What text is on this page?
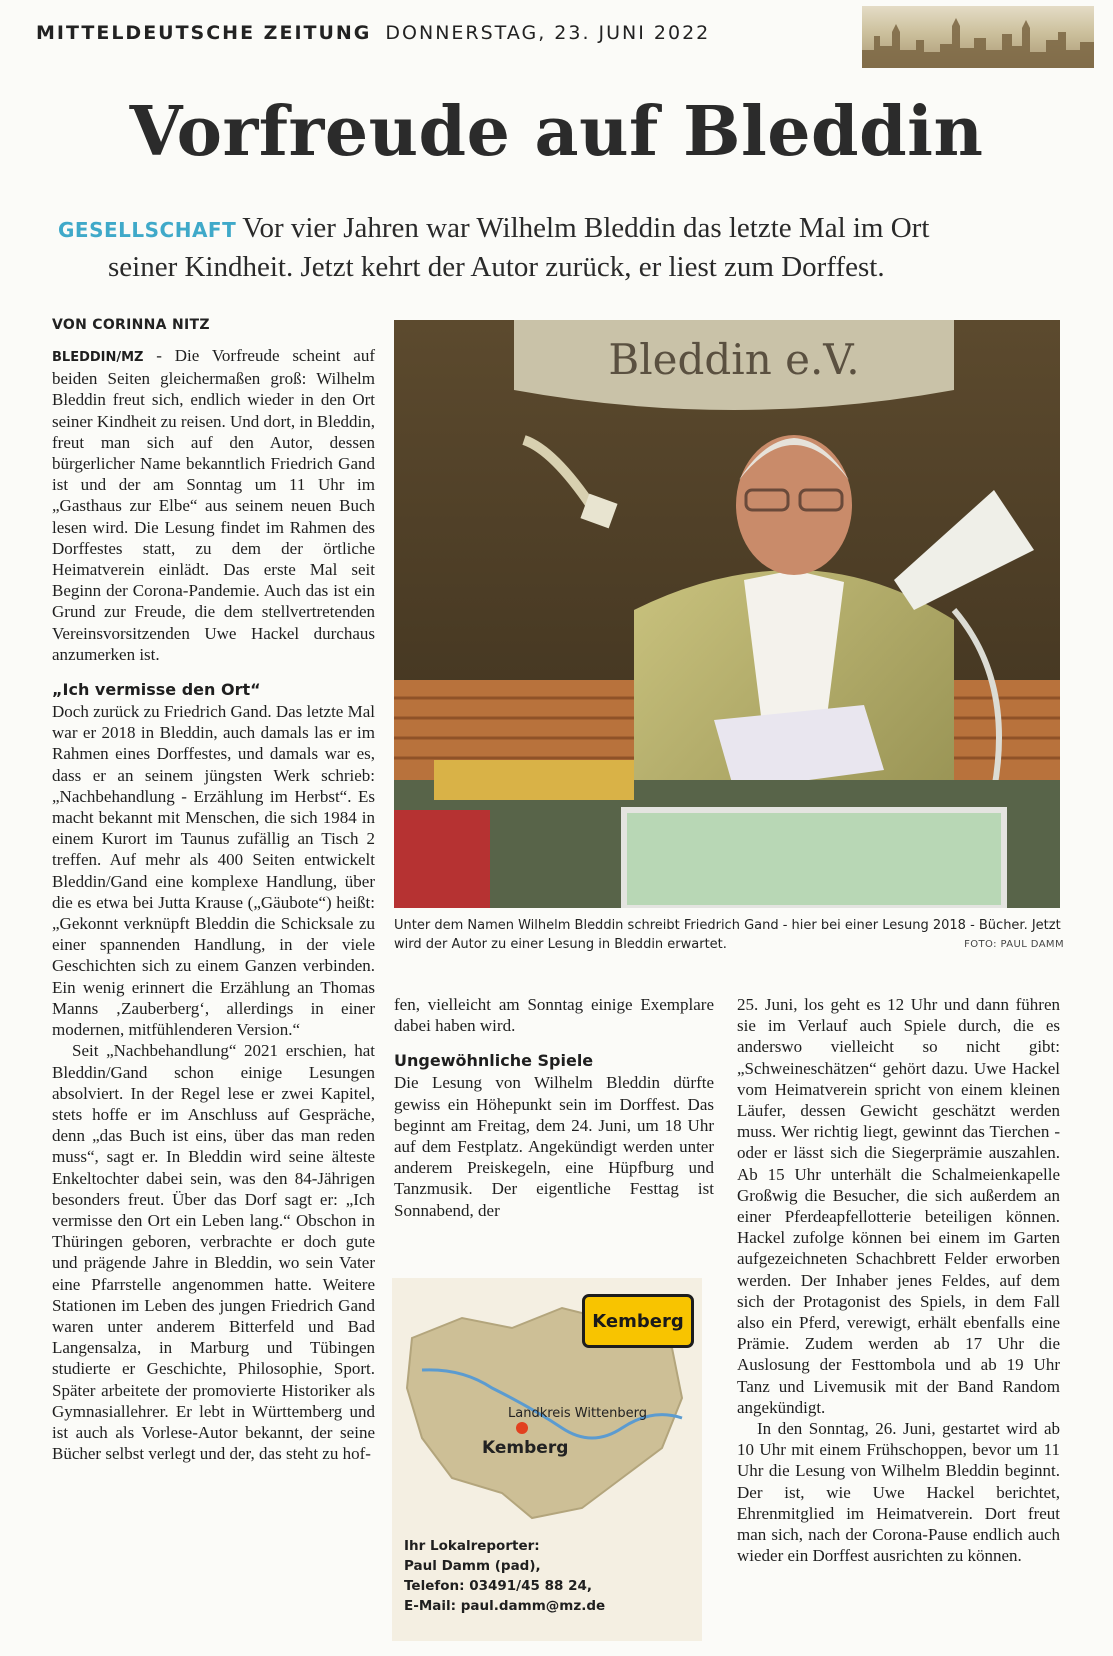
MITTELDEUTSCHE ZEITUNG DONNERSTAG, 23. JUNI 2022
Vorfreude auf Bleddin
GESELLSCHAFT Vor vier Jahren war Wilhelm Bleddin das letzte Mal im Ort
seiner Kindheit. Jetzt kehrt der Autor zurück, er liest zum Dorffest.
VON CORINNA NITZ

BLEDDIN/MZ - Die Vorfreude scheint auf beiden Seiten gleichermaßen groß: Wilhelm Bleddin freut sich, endlich wieder in den Ort seiner Kindheit zu reisen. Und dort, in Bleddin, freut man sich auf den Autor, dessen bürgerlicher Name bekanntlich Friedrich Gand ist und der am Sonntag um 11 Uhr im „Gasthaus zur Elbe“ aus seinem neuen Buch lesen wird. Die Lesung findet im Rahmen des Dorffestes statt, zu dem der örtliche Heimatverein einlädt. Das erste Mal seit Beginn der Corona-Pandemie. Auch das ist ein Grund zur Freude, die dem stellvertretenden Vereinsvorsitzenden Uwe Hackel durchaus anzumerken ist.

„Ich vermisse den Ort“

Doch zurück zu Friedrich Gand. Das letzte Mal war er 2018 in Bleddin, auch damals las er im Rahmen eines Dorffestes, und damals war es, dass er an seinem jüngsten Werk schrieb: „Nachbehandlung - Erzählung im Herbst“. Es macht bekannt mit Menschen, die sich 1984 in einem Kurort im Taunus zufällig an Tisch 2 treffen. Auf mehr als 400 Seiten entwickelt Bleddin/Gand eine komplexe Handlung, über die es etwa bei Jutta Krause („Gäubote“) heißt: „Gekonnt verknüpft Bleddin die Schicksale zu einer spannenden Handlung, in der viele Geschichten sich zu einem Ganzen verbinden. Ein wenig erinnert die Erzählung an Thomas Manns ‚Zauberberg‘, allerdings in einer modernen, mitfühlenderen Version.“

Seit „Nachbehandlung“ 2021 erschien, hat Bleddin/Gand schon einige Lesungen absolviert. In der Regel lese er zwei Kapitel, stets hoffe er im Anschluss auf Gespräche, denn „das Buch ist eins, über das man reden muss“, sagt er. In Bleddin wird seine älteste Enkeltochter dabei sein, was den 84-Jährigen besonders freut. Über das Dorf sagt er: „Ich vermisse den Ort ein Leben lang.“ Obschon in Thüringen geboren, verbrachte er doch gute und prägende Jahre in Bleddin, wo sein Vater eine Pfarrstelle angenommen hatte. Weitere Stationen im Leben des jungen Friedrich Gand waren unter anderem Bitterfeld und Bad Langensalza, in Marburg und Tübingen studierte er Geschichte, Philosophie, Sport. Später arbeitete der promovierte Historiker als Gymnasiallehrer. Er lebt in Württemberg und ist auch als Vorlese-Autor bekannt, der seine Bücher selbst verlegt und der, das steht zu hof-

Bleddin e.V.
Unter dem Namen Wilhelm Bleddin schreibt Friedrich Gand - hier bei einer Lesung 2018 - Bücher. Jetzt wird der Autor zu einer Lesung in Bleddin erwartet.	FOTO: PAUL DAMM

fen, vielleicht am Sonntag einige Exemplare dabei haben wird.

Ungewöhnliche Spiele

Die Lesung von Wilhelm Bleddin dürfte gewiss ein Höhepunkt sein im Dorffest. Das beginnt am Freitag, dem 24. Juni, um 18 Uhr auf dem Festplatz. Angekündigt werden unter anderem Preiskegeln, eine Hüpfburg und Tanzmusik. Der eigentliche Festtag ist Sonnabend, der

25. Juni, los geht es 12 Uhr und dann führen sie im Verlauf auch Spiele durch, die es anderswo vielleicht so nicht gibt: „Schweineschätzen“ gehört dazu. Uwe Hackel vom Heimatverein spricht von einem kleinen Läufer, dessen Gewicht geschätzt werden muss. Wer richtig liegt, gewinnt das Tierchen - oder er lässt sich die Siegerprämie auszahlen. Ab 15 Uhr unterhält die Schalmeienkapelle Großwig die Besucher, die sich außerdem an einer Pferdeapfellotterie beteiligen können. Hackel zufolge können bei einem im Garten aufgezeichneten Schachbrett Felder erworben werden. Der Inhaber jenes Feldes, auf dem sich der Protagonist des Spiels, in dem Fall also ein Pferd, verewigt, erhält ebenfalls eine Prämie. Zudem werden ab 17 Uhr die Auslosung der Festtombola und ab 19 Uhr Tanz und Livemusik mit der Band Random angekündigt.

In den Sonntag, 26. Juni, gestartet wird ab 10 Uhr mit einem Frühschoppen, bevor um 11 Uhr die Lesung von Wilhelm Bleddin beginnt. Der ist, wie Uwe Hackel berichtet, Ehrenmitglied im Heimatverein. Dort freut man sich, nach der Corona-Pause endlich auch wieder ein Dorffest ausrichten zu können.

Kemberg
Landkreis Wittenberg
Kemberg
Ihr Lokalreporter:
Paul Damm (pad),
Telefon: 03491/45 88 24,
E-Mail: paul.damm@mz.de
